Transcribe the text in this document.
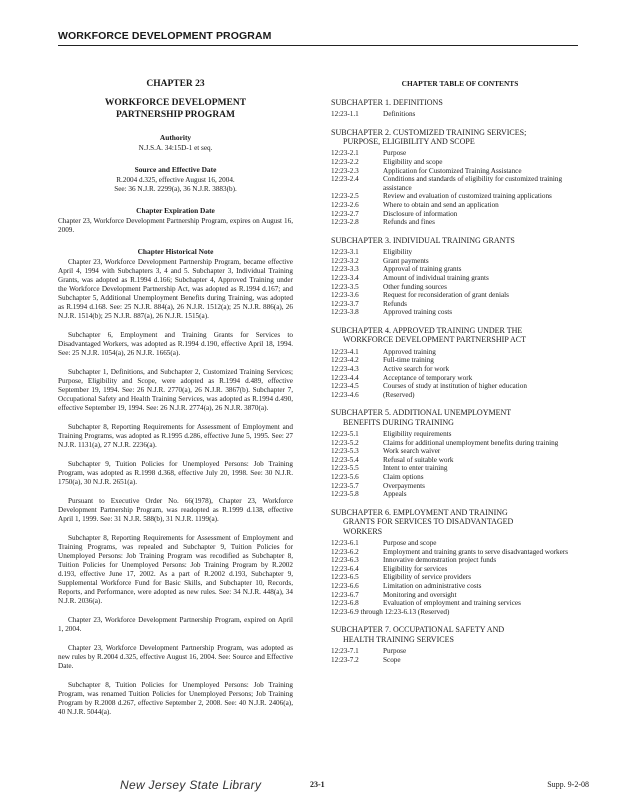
WORKFORCE DEVELOPMENT PROGRAM
CHAPTER 23
WORKFORCE DEVELOPMENT
PARTNERSHIP PROGRAM
Authority
N.J.S.A. 34:15D-1 et seq.
Source and Effective Date
R.2004 d.325, effective August 16, 2004.
See: 36 N.J.R. 2299(a), 36 N.J.R. 3883(b).
Chapter Expiration Date

Chapter 23, Workforce Development Partnership Program, expires on August 16, 2009.

Chapter Historical Note

Chapter 23, Workforce Development Partnership Program, became effective April 4, 1994 with Subchapters 3, 4 and 5. Subchapter 3, Individual Training Grants, was adopted as R.1994 d.166; Subchapter 4, Approved Training under the Workforce Development Partnership Act, was adopted as R.1994 d.167; and Subchapter 5, Additional Unemployment Benefits during Training, was adopted as R.1994 d.168. See: 25 N.J.R. 884(a), 26 N.J.R. 1512(a); 25 N.J.R. 886(a), 26 N.J.R. 1514(b); 25 N.J.R. 887(a), 26 N.J.R. 1515(a).

Subchapter 6, Employment and Training Grants for Services to Disadvantaged Workers, was adopted as R.1994 d.190, effective April 18, 1994. See: 25 N.J.R. 1054(a), 26 N.J.R. 1665(a).

Subchapter 1, Definitions, and Subchapter 2, Customized Training Services; Purpose, Eligibility and Scope, were adopted as R.1994 d.489, effective September 19, 1994. See: 26 N.J.R. 2770(a), 26 N.J.R. 3867(b). Subchapter 7, Occupational Safety and Health Training Services, was adopted as R.1994 d.490, effective September 19, 1994. See: 26 N.J.R. 2774(a), 26 N.J.R. 3870(a).

Subchapter 8, Reporting Requirements for Assessment of Employment and Training Programs, was adopted as R.1995 d.286, effective June 5, 1995. See: 27 N.J.R. 1131(a), 27 N.J.R. 2236(a).

Subchapter 9, Tuition Policies for Unemployed Persons: Job Training Program, was adopted as R.1998 d.368, effective July 20, 1998. See: 30 N.J.R. 1750(a), 30 N.J.R. 2651(a).

Pursuant to Executive Order No. 66(1978), Chapter 23, Workforce Development Partnership Program, was readopted as R.1999 d.138, effective April 1, 1999. See: 31 N.J.R. 588(b), 31 N.J.R. 1199(a).

Subchapter 8, Reporting Requirements for Assessment of Employment and Training Programs, was repealed and Subchapter 9, Tuition Policies for Unemployed Persons: Job Training Program was recodified as Subchapter 8, Tuition Policies for Unemployed Persons: Job Training Program by R.2002 d.193, effective June 17, 2002. As a part of R.2002 d.193, Subchapter 9, Supplemental Workforce Fund for Basic Skills, and Subchapter 10, Records, Reports, and Performance, were adopted as new rules. See: 34 N.J.R. 448(a), 34 N.J.R. 2036(a).

Chapter 23, Workforce Development Partnership Program, expired on April 1, 2004.

Chapter 23, Workforce Development Partnership Program, was adopted as new rules by R.2004 d.325, effective August 16, 2004. See: Source and Effective Date.

Subchapter 8, Tuition Policies for Unemployed Persons: Job Training Program, was renamed Tuition Policies for Unemployed Persons; Job Training Program by R.2008 d.267, effective September 2, 2008. See: 40 N.J.R. 2406(a), 40 N.J.R. 5044(a).

CHAPTER TABLE OF CONTENTS
SUBCHAPTER 1. DEFINITIONS
12:23-1.1	Definitions
SUBCHAPTER 2. CUSTOMIZED TRAINING SERVICES;
PURPOSE, ELIGIBILITY AND SCOPE
12:23-2.1	Purpose
12:23-2.2	Eligibility and scope
12:23-2.3	Application for Customized Training Assistance
12:23-2.4	Conditions and standards of eligibility for customized training assistance
12:23-2.5	Review and evaluation of customized training applications
12:23-2.6	Where to obtain and send an application
12:23-2.7	Disclosure of information
12:23-2.8	Refunds and fines
SUBCHAPTER 3. INDIVIDUAL TRAINING GRANTS
12:23-3.1	Eligibility
12:23-3.2	Grant payments
12:23-3.3	Approval of training grants
12:23-3.4	Amount of individual training grants
12:23-3.5	Other funding sources
12:23-3.6	Request for reconsideration of grant denials
12:23-3.7	Refunds
12:23-3.8	Approved training costs
SUBCHAPTER 4. APPROVED TRAINING UNDER THE
WORKFORCE DEVELOPMENT PARTNERSHIP ACT
12:23-4.1	Approved training
12:23-4.2	Full-time training
12:23-4.3	Active search for work
12:23-4.4	Acceptance of temporary work
12:23-4.5	Courses of study at institution of higher education
12:23-4.6	(Reserved)
SUBCHAPTER 5. ADDITIONAL UNEMPLOYMENT
BENEFITS DURING TRAINING
12:23-5.1	Eligibility requirements
12:23-5.2	Claims for additional unemployment benefits during training
12:23-5.3	Work search waiver
12:23-5.4	Refusal of suitable work
12:23-5.5	Intent to enter training
12:23-5.6	Claim options
12:23-5.7	Overpayments
12:23-5.8	Appeals
SUBCHAPTER 6. EMPLOYMENT AND TRAINING
GRANTS FOR SERVICES TO DISADVANTAGED
WORKERS
12:23-6.1	Purpose and scope
12:23-6.2	Employment and training grants to serve disadvantaged workers
12:23-6.3	Innovative demonstration project funds
12:23-6.4	Eligibility for services
12:23-6.5	Eligibility of service providers
12:23-6.6	Limitation on administrative costs
12:23-6.7	Monitoring and oversight
12:23-6.8	Evaluation of employment and training services
12:23-6.9 through 12:23-6.13 (Reserved)
SUBCHAPTER 7. OCCUPATIONAL SAFETY AND
HEALTH TRAINING SERVICES
12:23-7.1	Purpose
12:23-7.2	Scope
New Jersey State Library	23-1	Supp. 9-2-08
